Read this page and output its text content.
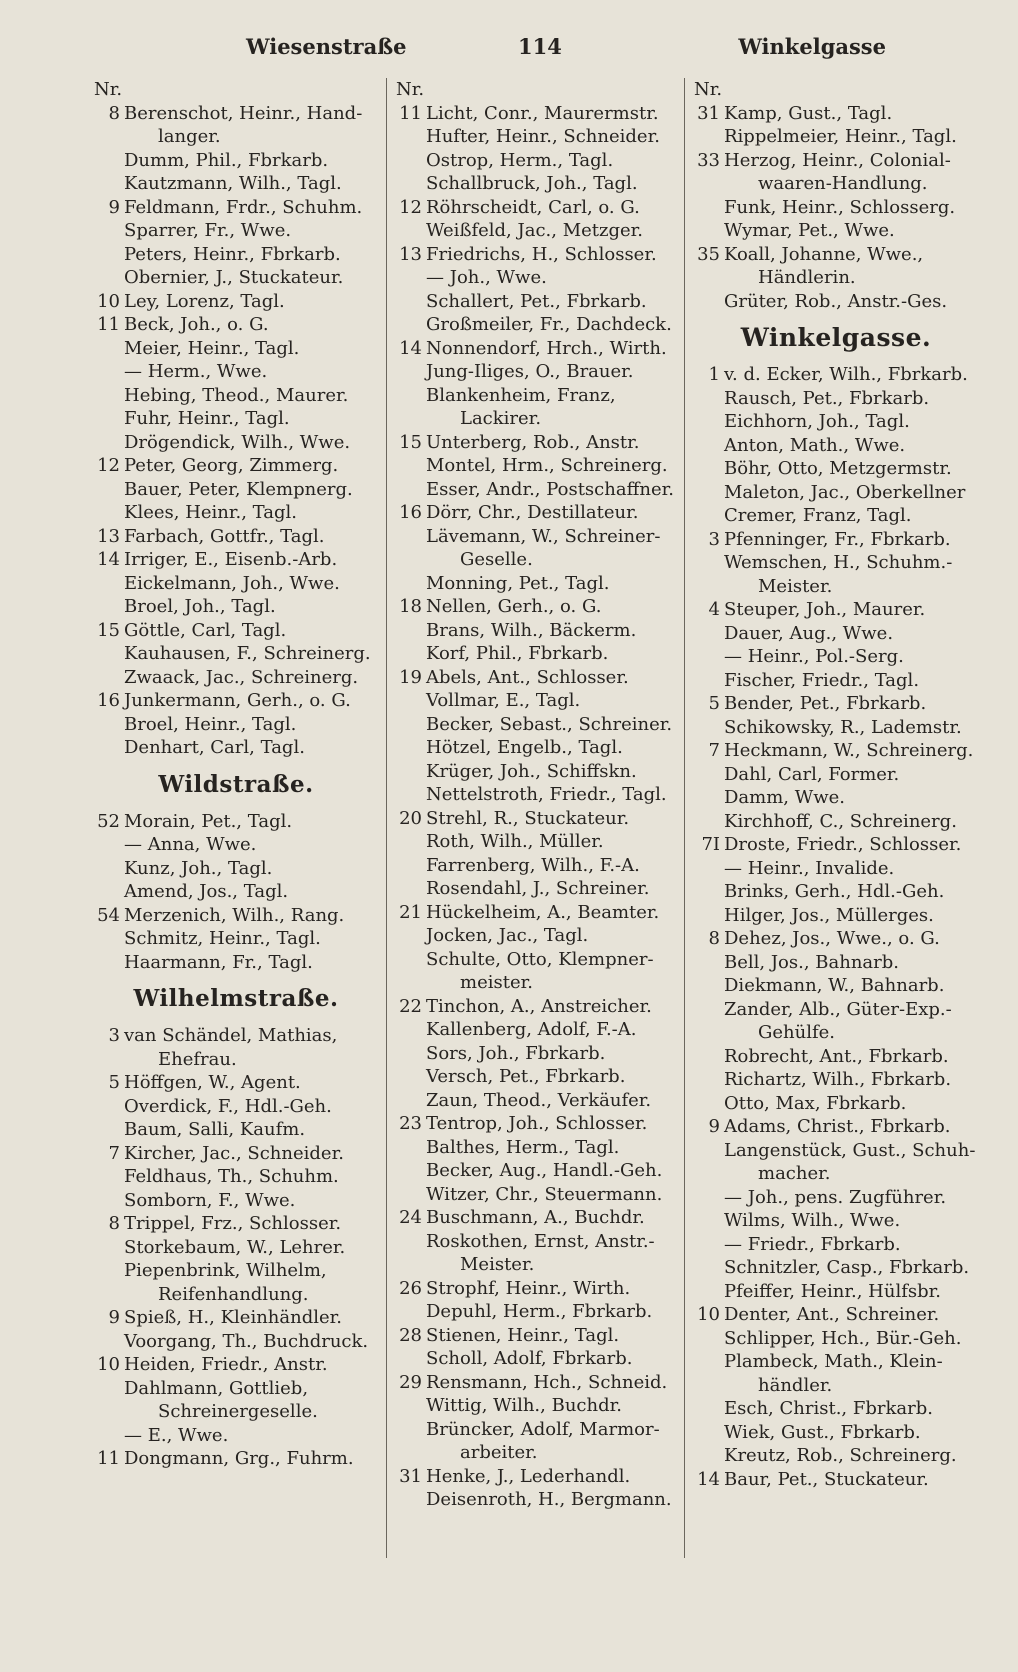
Wiesenstraße	114	Winkelgasse
Nr.
8 Berenschot, Heinr., Hand-
langer.
Dumm, Phil., Fbrkarb.
Kautzmann, Wilh., Tagl.
9 Feldmann, Frdr., Schuhm.
Sparrer, Fr., Wwe.
Peters, Heinr., Fbrkarb.
Obernier, J., Stuckateur.
10 Ley, Lorenz, Tagl.
11 Beck, Joh., o. G.
Meier, Heinr., Tagl.
— Herm., Wwe.
Hebing, Theod., Maurer.
Fuhr, Heinr., Tagl.
Drögendick, Wilh., Wwe.
12 Peter, Georg, Zimmerg.
Bauer, Peter, Klempnerg.
Klees, Heinr., Tagl.
13 Farbach, Gottfr., Tagl.
14 Irriger, E., Eisenb.-Arb.
Eickelmann, Joh., Wwe.
Broel, Joh., Tagl.
15 Göttle, Carl, Tagl.
Kauhausen, F., Schreinerg.
Zwaack, Jac., Schreinerg.
16 Junkermann, Gerh., o. G.
Broel, Heinr., Tagl.
Denhart, Carl, Tagl.
Wildstraße.
52 Morain, Pet., Tagl.
— Anna, Wwe.
Kunz, Joh., Tagl.
Amend, Jos., Tagl.
54 Merzenich, Wilh., Rang.
Schmitz, Heinr., Tagl.
Haarmann, Fr., Tagl.
Wilhelmstraße.
3 van Schändel, Mathias,
Ehefrau.
5 Höffgen, W., Agent.
Overdick, F., Hdl.-Geh.
Baum, Salli, Kaufm.
7 Kircher, Jac., Schneider.
Feldhaus, Th., Schuhm.
Somborn, F., Wwe.
8 Trippel, Frz., Schlosser.
Storkebaum, W., Lehrer.
Piepenbrink, Wilhelm,
Reifenhandlung.
9 Spieß, H., Kleinhändler.
Voorgang, Th., Buchdruck.
10 Heiden, Friedr., Anstr.
Dahlmann, Gottlieb,
Schreinergeselle.
— E., Wwe.
11 Dongmann, Grg., Fuhrm.
Nr.
11 Licht, Conr., Maurermstr.
Hufter, Heinr., Schneider.
Ostrop, Herm., Tagl.
Schallbruck, Joh., Tagl.
12 Röhrscheidt, Carl, o. G.
Weißfeld, Jac., Metzger.
13 Friedrichs, H., Schlosser.
— Joh., Wwe.
Schallert, Pet., Fbrkarb.
Großmeiler, Fr., Dachdeck.
14 Nonnendorf, Hrch., Wirth.
Jung-Iliges, O., Brauer.
Blankenheim, Franz,
Lackirer.
15 Unterberg, Rob., Anstr.
Montel, Hrm., Schreinerg.
Esser, Andr., Postschaffner.
16 Dörr, Chr., Destillateur.
Lävemann, W., Schreiner-
Geselle.
Monning, Pet., Tagl.
18 Nellen, Gerh., o. G.
Brans, Wilh., Bäckerm.
Korf, Phil., Fbrkarb.
19 Abels, Ant., Schlosser.
Vollmar, E., Tagl.
Becker, Sebast., Schreiner.
Hötzel, Engelb., Tagl.
Krüger, Joh., Schiffskn.
Nettelstroth, Friedr., Tagl.
20 Strehl, R., Stuckateur.
Roth, Wilh., Müller.
Farrenberg, Wilh., F.-A.
Rosendahl, J., Schreiner.
21 Hückelheim, A., Beamter.
Jocken, Jac., Tagl.
Schulte, Otto, Klempner-
meister.
22 Tinchon, A., Anstreicher.
Kallenberg, Adolf, F.-A.
Sors, Joh., Fbrkarb.
Versch, Pet., Fbrkarb.
Zaun, Theod., Verkäufer.
23 Tentrop, Joh., Schlosser.
Balthes, Herm., Tagl.
Becker, Aug., Handl.-Geh.
Witzer, Chr., Steuermann.
24 Buschmann, A., Buchdr.
Roskothen, Ernst, Anstr.-
Meister.
26 Strophf, Heinr., Wirth.
Depuhl, Herm., Fbrkarb.
28 Stienen, Heinr., Tagl.
Scholl, Adolf, Fbrkarb.
29 Rensmann, Hch., Schneid.
Wittig, Wilh., Buchdr.
Brüncker, Adolf, Marmor-
arbeiter.
31 Henke, J., Lederhandl.
Deisenroth, H., Bergmann.
Nr.
31 Kamp, Gust., Tagl.
Rippelmeier, Heinr., Tagl.
33 Herzog, Heinr., Colonial-
waaren-Handlung.
Funk, Heinr., Schlosserg.
Wymar, Pet., Wwe.
35 Koall, Johanne, Wwe.,
Händlerin.
Grüter, Rob., Anstr.-Ges.
Winkelgasse.
1 v. d. Ecker, Wilh., Fbrkarb.
Rausch, Pet., Fbrkarb.
Eichhorn, Joh., Tagl.
Anton, Math., Wwe.
Böhr, Otto, Metzgermstr.
Maleton, Jac., Oberkellner
Cremer, Franz, Tagl.
3 Pfenninger, Fr., Fbrkarb.
Wemschen, H., Schuhm.-
Meister.
4 Steuper, Joh., Maurer.
Dauer, Aug., Wwe.
— Heinr., Pol.-Serg.
Fischer, Friedr., Tagl.
5 Bender, Pet., Fbrkarb.
Schikowsky, R., Lademstr.
7 Heckmann, W., Schreinerg.
Dahl, Carl, Former.
Damm, Wwe.
Kirchhoff, C., Schreinerg.
7I Droste, Friedr., Schlosser.
— Heinr., Invalide.
Brinks, Gerh., Hdl.-Geh.
Hilger, Jos., Müllerges.
8 Dehez, Jos., Wwe., o. G.
Bell, Jos., Bahnarb.
Diekmann, W., Bahnarb.
Zander, Alb., Güter-Exp.-
Gehülfe.
Robrecht, Ant., Fbrkarb.
Richartz, Wilh., Fbrkarb.
Otto, Max, Fbrkarb.
9 Adams, Christ., Fbrkarb.
Langenstück, Gust., Schuh-
macher.
— Joh., pens. Zugführer.
Wilms, Wilh., Wwe.
— Friedr., Fbrkarb.
Schnitzler, Casp., Fbrkarb.
Pfeiffer, Heinr., Hülfsbr.
10 Denter, Ant., Schreiner.
Schlipper, Hch., Bür.-Geh.
Plambeck, Math., Klein-
händler.
Esch, Christ., Fbrkarb.
Wiek, Gust., Fbrkarb.
Kreutz, Rob., Schreinerg.
14 Baur, Pet., Stuckateur.
